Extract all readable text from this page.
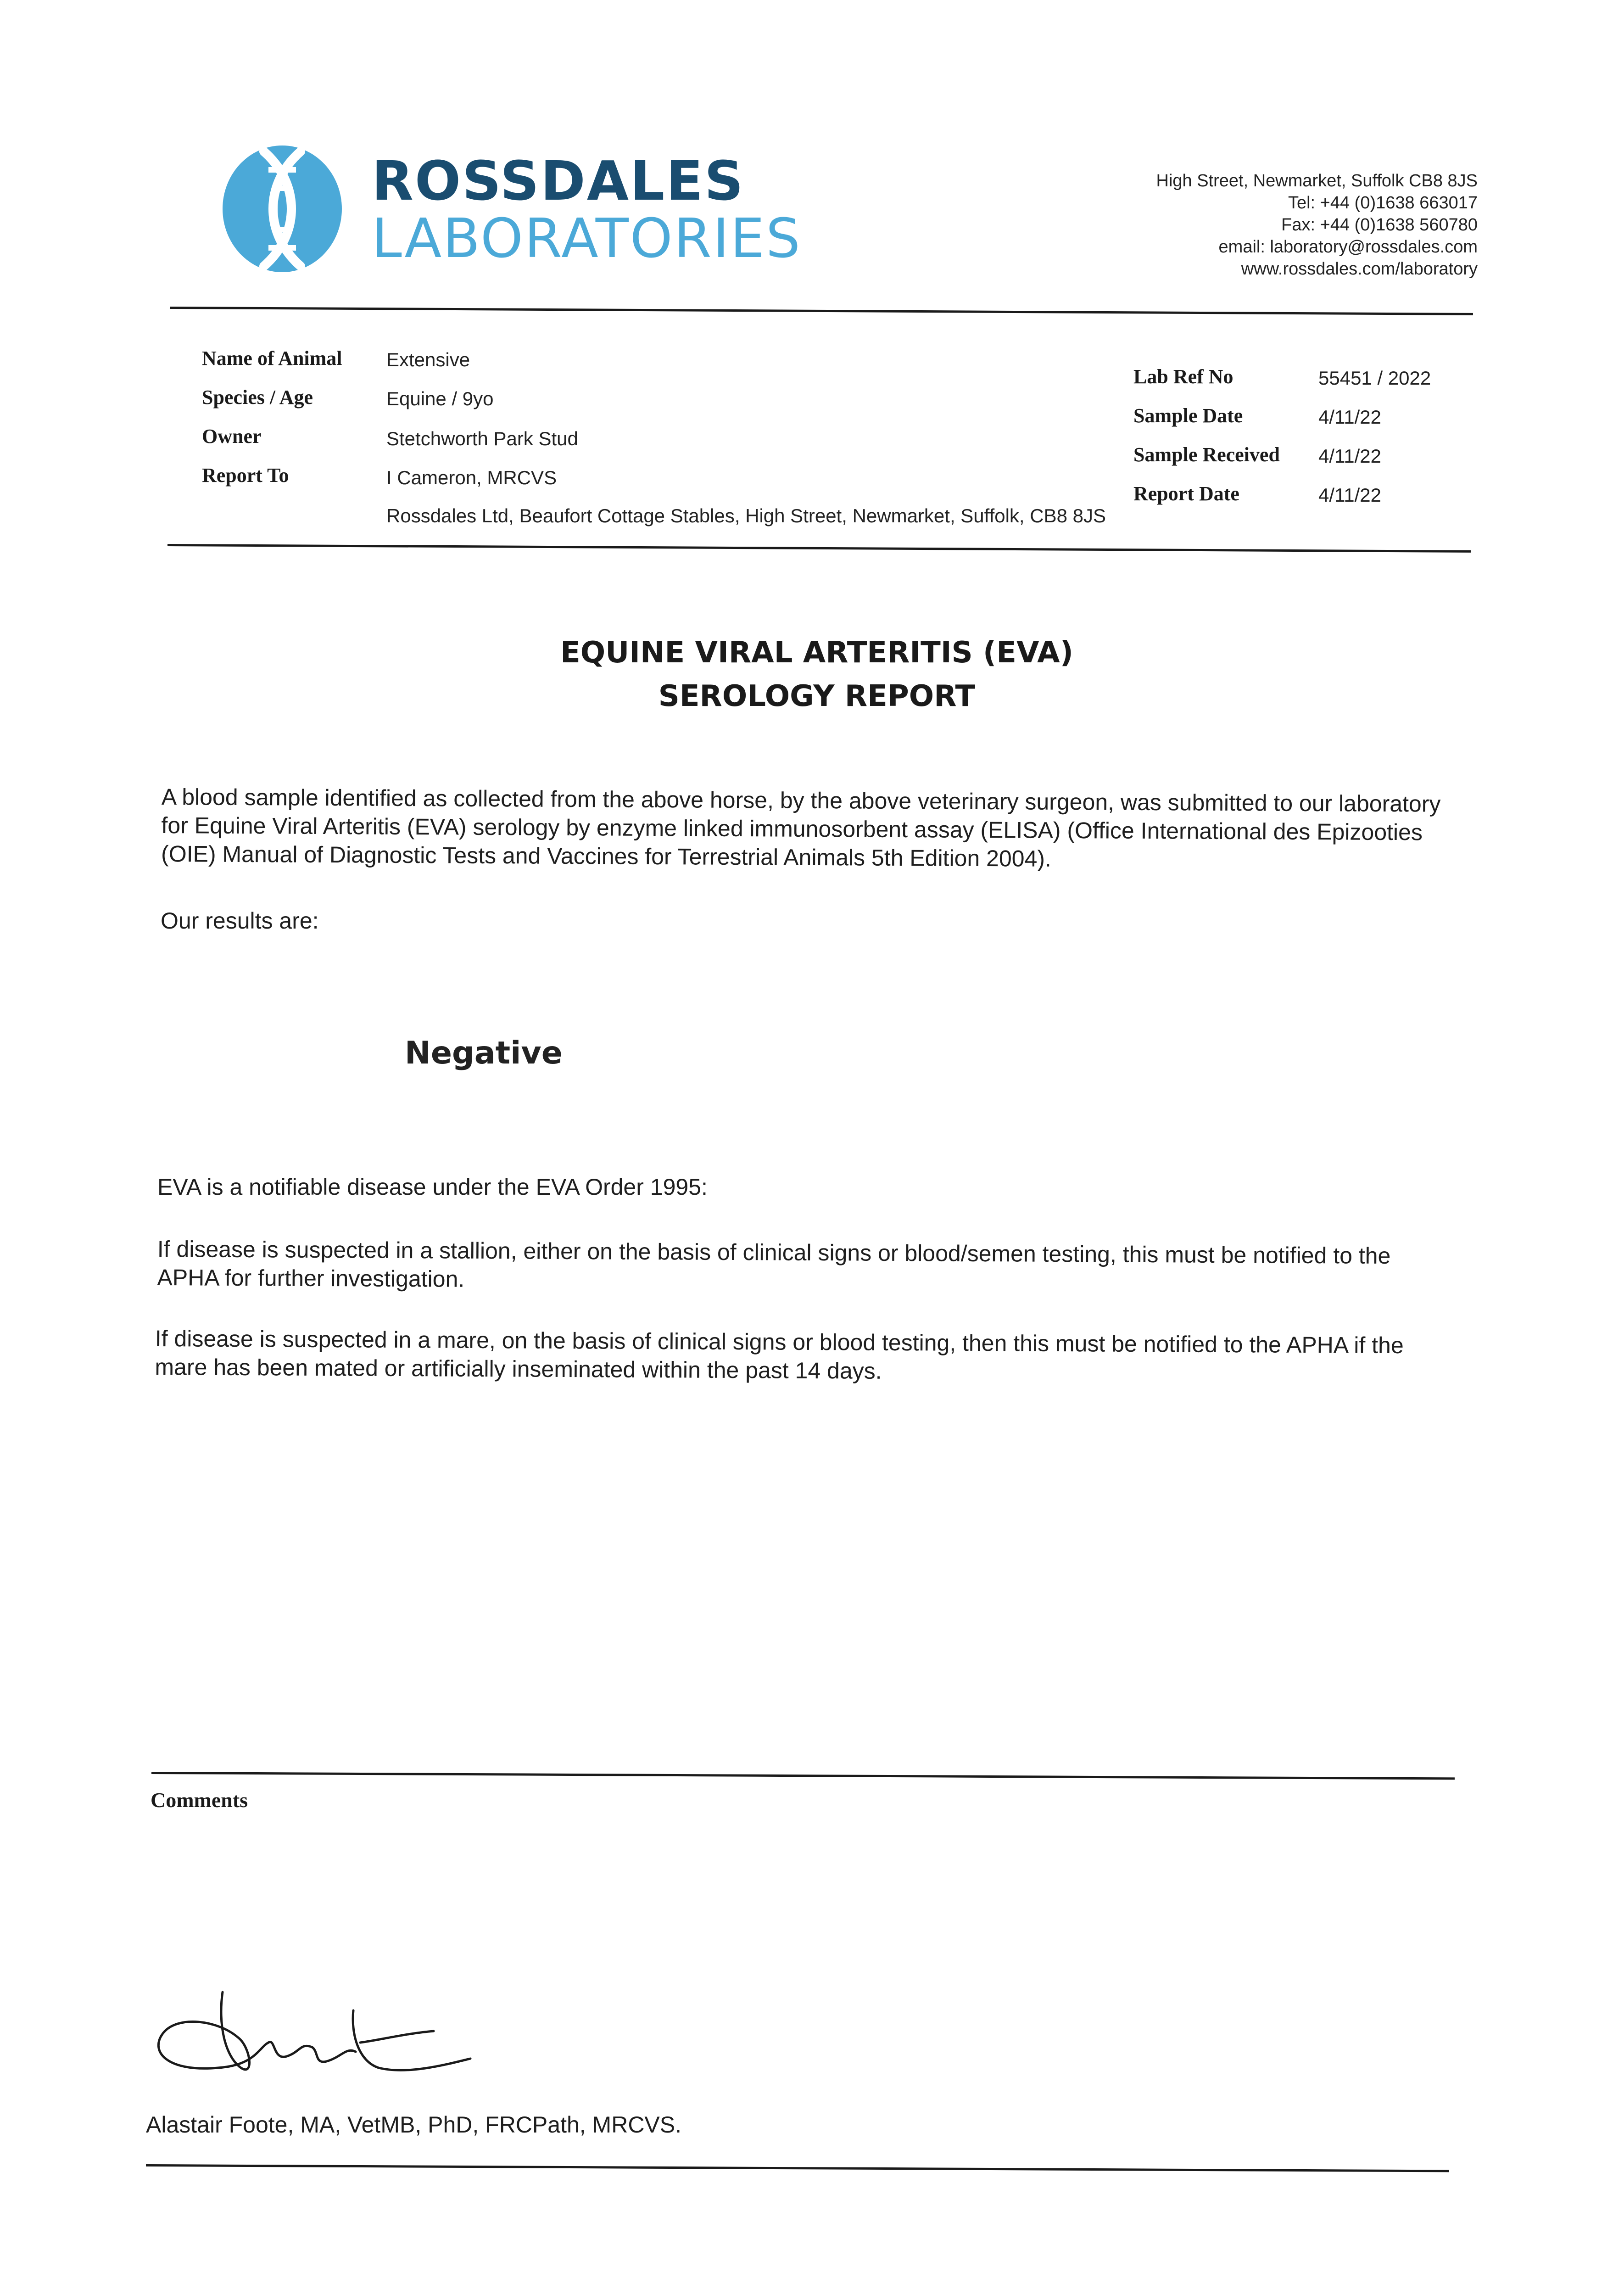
ROSSDALES
LABORATORIES
High Street, Newmarket, Suffolk CB8 8JS
Tel: +44 (0)1638 663017
Fax: +44 (0)1638 560780
email: laboratory@rossdales.com
www.rossdales.com/laboratory
Name of Animal Extensive
Species / Age	Equine / 9yo
Owner	Stetchworth Park Stud
Report To	I Cameron, MRCVS
Rossdales Ltd, Beaufort Cottage Stables, High Street, Newmarket, Suffolk, CB8 8JS
Lab Ref No	55451 / 2022
Sample Date	4/11/22
Sample Received 4/11/22
Report Date	4/11/22
EQUINE VIRAL ARTERITIS (EVA)
SEROLOGY REPORT
A blood sample identified as collected from the above horse, by the above veterinary surgeon, was submitted to our laboratory for Equine Viral Arteritis (EVA) serology by enzyme linked immunosorbent assay (ELISA) (Office International des Epizooties (OIE) Manual of Diagnostic Tests and Vaccines for Terrestrial Animals 5th Edition 2004).
Our results are:
Negative
EVA is a notifiable disease under the EVA Order 1995:
If disease is suspected in a stallion, either on the basis of clinical signs or blood/semen testing, this must be notified to the APHA for further investigation.
If disease is suspected in a mare, on the basis of clinical signs or blood testing, then this must be notified to the APHA if the mare has been mated or artificially inseminated within the past 14 days.
Comments
Alastair Foote, MA, VetMB, PhD, FRCPath, MRCVS.
